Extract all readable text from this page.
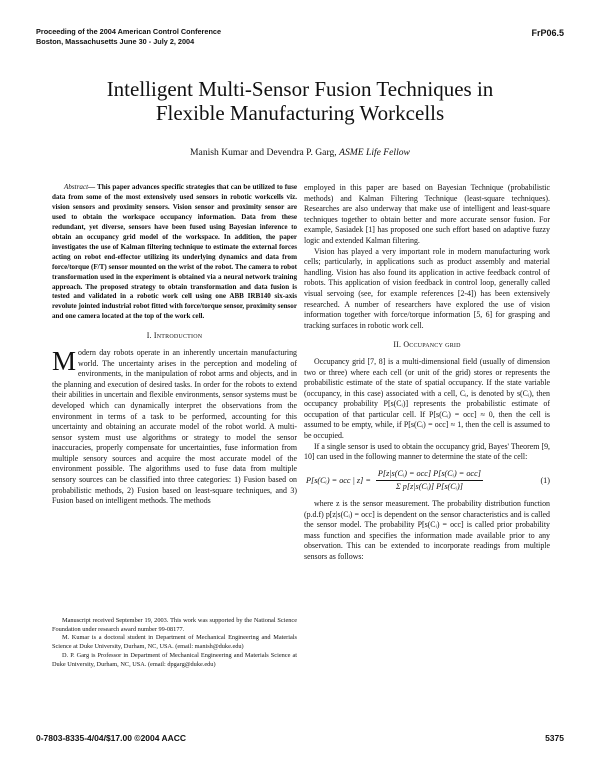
Proceeding of the 2004 American Control Conference
Boston, Massachusetts June 30 - July 2, 2004
FrP06.5
Intelligent Multi-Sensor Fusion Techniques in
Flexible Manufacturing Workcells
Manish Kumar and Devendra P. Garg, ASME Life Fellow

Abstract— This paper advances specific strategies that can be utilized to fuse data from some of the most extensively used sensors in robotic workcells viz. vision sensors and proximity sensors. Vision sensor and proximity sensor are used to obtain the workspace occupancy information. Data from these redundant, yet diverse, sensors have been fused using Bayesian inference to obtain an occupancy grid model of the workspace. In addition, the paper investigates the use of Kalman filtering technique to estimate the external forces acting on robot end-effector utilizing its underlying dynamics and data from force/torque (F/T) sensor mounted on the wrist of the robot. The camera to robot transformation used in the experiment is obtained via a neural network training approach. The proposed strategy to obtain transformation and data fusion is tested and validated in a robotic work cell using one ABB IRB140 six-axis revolute jointed industrial robot fitted with force/torque sensor, proximity sensor and one camera located at the top of the work cell.

I. Introduction

Modern day robots operate in an inherently uncertain manufacturing world. The uncertainty arises in the perception and modeling of environments, in the manipulation of robot arms and objects, and in the planning and execution of desired tasks. In order for the robots to extend their abilities in uncertain and flexible environments, sensor systems must be developed which can dynamically interpret the observations from the environment in terms of a task to be performed, accounting for this uncertainty and obtaining an accurate model of the robot world. A multi-sensor system must use algorithms or strategy to model the sensor inaccuracies, properly compensate for uncertainties, fuse information from multiple sensory sources and acquire the most accurate model of the environment possible. The algorithms used to fuse data from multiple sensory sources can be classified into three categories: 1) Fusion based on probabilistic methods, 2) Fusion based on least-square techniques, and 3) Fusion based on intelligent methods. The methods

Manuscript received September 19, 2003. This work was supported by the National Science Foundation under research award number 99-08177.

M. Kumar is a doctoral student in Department of Mechanical Engineering and Materials Science at Duke University, Durham, NC, USA. (email: manish@duke.edu)

D. P. Garg is Professor in Department of Mechanical Engineering and Materials Science at Duke University, Durham, NC, USA. (email: dpgarg@duke.edu)

employed in this paper are based on Bayesian Technique (probabilistic methods) and Kalman Filtering Technique (least-square techniques). Researches are also underway that make use of intelligent and least-square techniques together to obtain better and more accurate sensor fusion. For example, Sasiadek [1] has proposed one such effort based on adaptive fuzzy logic and extended Kalman filtering.

Vision has played a very important role in modern manufacturing work cells; particularly, in applications such as product assembly and material handling. Vision has also found its application in active feedback control of robots. This application of vision feedback in control loop, generally called visual servoing (see, for example references [2-4]) has been extensively researched. A number of researchers have explored the use of vision information together with force/torque information [5, 6] for grasping and tracking surfaces in robotic work cell.

II. Occupancy grid

Occupancy grid [7, 8] is a multi-dimensional field (usually of dimension two or three) where each cell (or unit of the grid) stores or represents the probabilistic estimate of the state of spatial occupancy. If the state variable (occupancy, in this case) associated with a cell, Cᵢ, is denoted by s(Cᵢ), then occupancy probability P[s(Cᵢ)] represents the probabilistic estimate of occupation of that particular cell. If P[s(Cᵢ) = occ] ≈ 0, then the cell is assumed to be empty, while, if P[s(Cᵢ) = occ] ≈ 1, then the cell is assumed to be occupied.

If a single sensor is used to obtain the occupancy grid, Bayes' Theorem [9, 10] can used in the following manner to determine the state of the cell:

P[s(Cᵢ) = occ | $z] = \frac{\text{P[z|s(Cᵢ) = occ] P[s(Cᵢ) = occ]}}{\text{Σ p[z|s(Cᵢ)] P[s(Cᵢ)]}}$	(1)

where z is the sensor measurement. The probability distribution function (p.d.f) p[z|s(Cᵢ) = occ] is dependent on the sensor characteristics and is called the sensor model. The probability P[s(Cᵢ) = occ] is called prior probability mass function and specifies the information made available prior to any observation. This can be extended to incorporate readings from multiple sensors as follows:

0-7803-8335-4/04/$17.00 ©2004 AACC	5375
